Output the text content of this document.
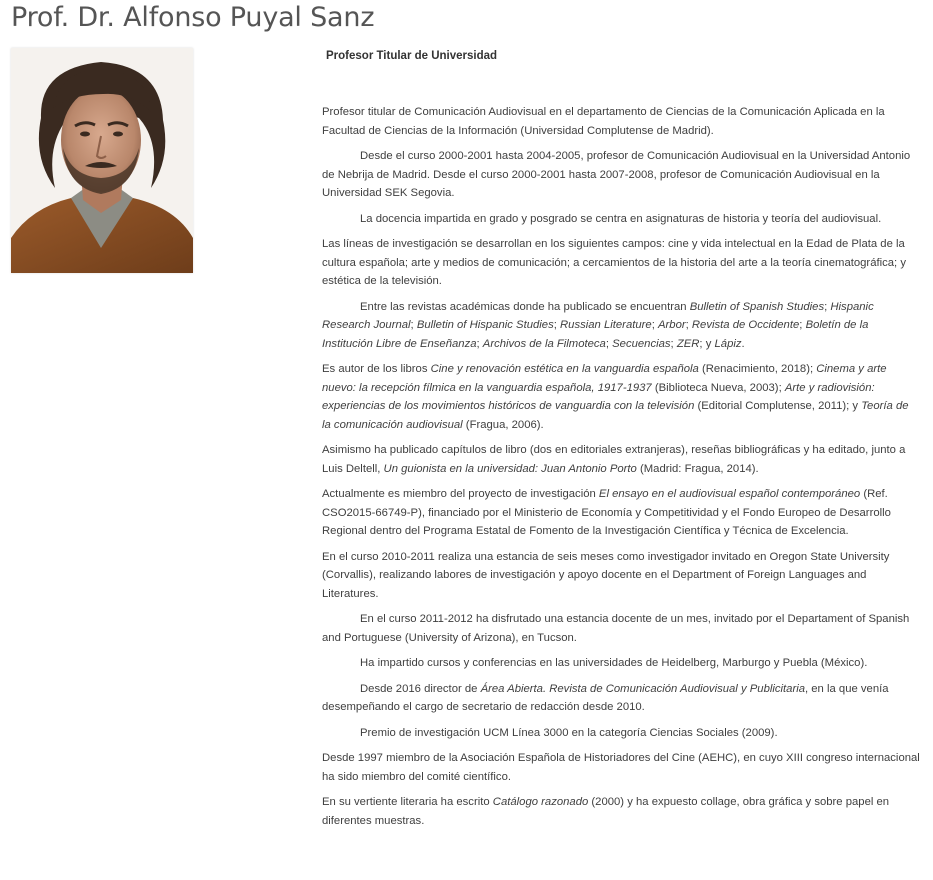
Prof. Dr. Alfonso Puyal Sanz

Profesor Titular de Universidad

Profesor titular de Comunicación Audiovisual en el departamento de Ciencias de la Comunicación Aplicada en la Facultad de Ciencias de la Información (Universidad Complutense de Madrid).

Desde el curso 2000-2001 hasta 2004-2005, profesor de Comunicación Audiovisual en la Universidad Antonio de Nebrija de Madrid. Desde el curso 2000-2001 hasta 2007-2008, profesor de Comunicación Audiovisual en la Universidad SEK Segovia.

La docencia impartida en grado y posgrado se centra en asignaturas de historia y teoría del audiovisual.

Las líneas de investigación se desarrollan en los siguientes campos: cine y vida intelectual en la Edad de Plata de la cultura española; arte y medios de comunicación; a cercamientos de la historia del arte a la teoría cinematográfica; y estética de la televisión.

Entre las revistas académicas donde ha publicado se encuentran Bulletin of Spanish Studies; Hispanic Research Journal; Bulletin of Hispanic Studies; Russian Literature; Arbor; Revista de Occidente; Boletín de la Institución Libre de Enseñanza; Archivos de la Filmoteca; Secuencias; ZER; y Lápiz.

Es autor de los libros Cine y renovación estética en la vanguardia española (Renacimiento, 2018); Cinema y arte nuevo: la recepción fílmica en la vanguardia española, 1917-1937 (Biblioteca Nueva, 2003); Arte y radiovisión: experiencias de los movimientos históricos de vanguardia con la televisión (Editorial Complutense, 2011); y Teoría de la comunicación audiovisual (Fragua, 2006).

Asimismo ha publicado capítulos de libro (dos en editoriales extranjeras), reseñas bibliográficas y ha editado, junto a Luis Deltell, Un guionista en la universidad: Juan Antonio Porto (Madrid: Fragua, 2014).

Actualmente es miembro del proyecto de investigación El ensayo en el audiovisual español contemporáneo (Ref. CSO2015-66749-P), financiado por el Ministerio de Economía y Competitividad y el Fondo Europeo de Desarrollo Regional dentro del Programa Estatal de Fomento de la Investigación Científica y Técnica de Excelencia.

En el curso 2010-2011 realiza una estancia de seis meses como investigador invitado en Oregon State University (Corvallis), realizando labores de investigación y apoyo docente en el Department of Foreign Languages and Literatures.

En el curso 2011-2012 ha disfrutado una estancia docente de un mes, invitado por el Departament of Spanish and Portuguese (University of Arizona), en Tucson.

Ha impartido cursos y conferencias en las universidades de Heidelberg, Marburgo y Puebla (México).

Desde 2016 director de Área Abierta. Revista de Comunicación Audiovisual y Publicitaria, en la que venía desempeñando el cargo de secretario de redacción desde 2010.

Premio de investigación UCM Línea 3000 en la categoría Ciencias Sociales (2009).

Desde 1997 miembro de la Asociación Española de Historiadores del Cine (AEHC), en cuyo XIII congreso internacional ha sido miembro del comité científico.

En su vertiente literaria ha escrito Catálogo razonado (2000) y ha expuesto collage, obra gráfica y sobre papel en diferentes muestras.
